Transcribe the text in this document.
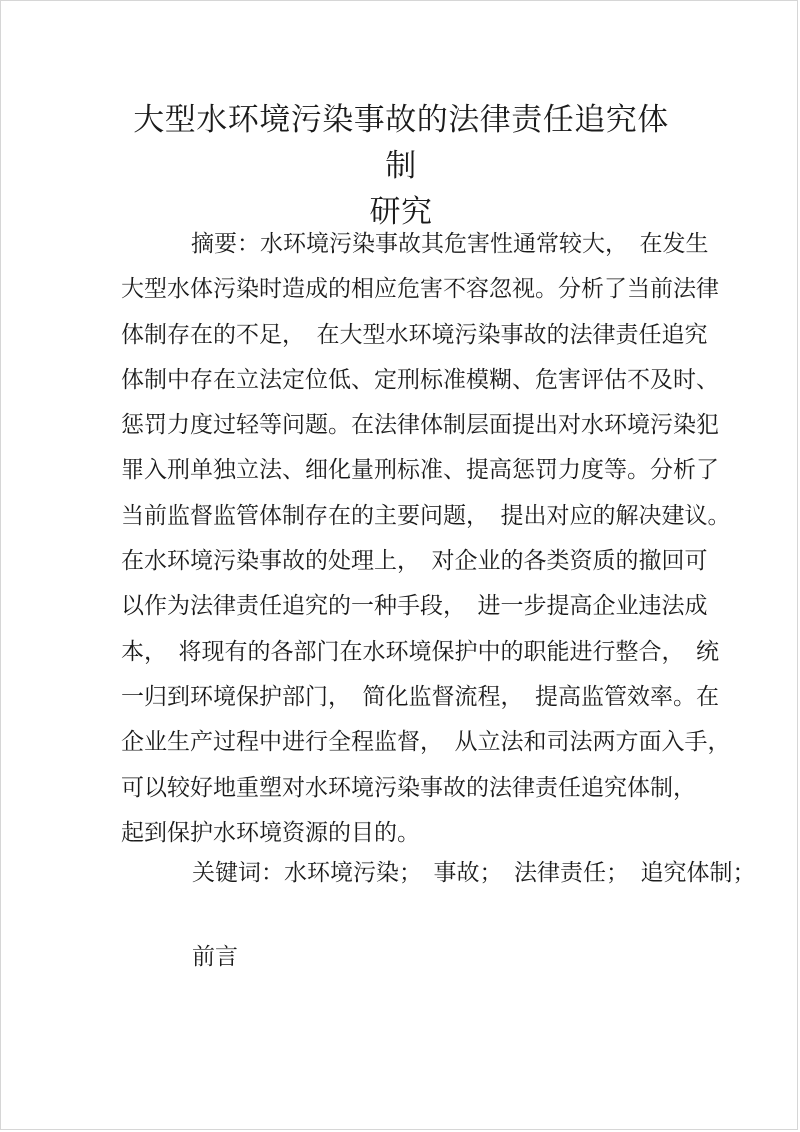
大型水环境污染事故的法律责任追究体制
研究
摘要：水环境污染事故其危害性通常较大，　在发生
大型水体污染时造成的相应危害不容忽视。分析了当前法律
体制存在的不足，　在大型水环境污染事故的法律责任追究
体制中存在立法定位低、定刑标准模糊、危害评估不及时、
惩罚力度过轻等问题。在法律体制层面提出对水环境污染犯
罪入刑单独立法、细化量刑标准、提高惩罚力度等。分析了
当前监督监管体制存在的主要问题，　提出对应的解决建议。
在水环境污染事故的处理上，　对企业的各类资质的撤回可
以作为法律责任追究的一种手段，　进一步提高企业违法成
本，　将现有的各部门在水环境保护中的职能进行整合，　统
一归到环境保护部门，　简化监督流程，　提高监管效率。在
企业生产过程中进行全程监督，　从立法和司法两方面入手，
可以较好地重塑对水环境污染事故的法律责任追究体制，
起到保护水环境资源的目的。
关键词：水环境污染；　事故；　法律责任；　追究体制；
前言
